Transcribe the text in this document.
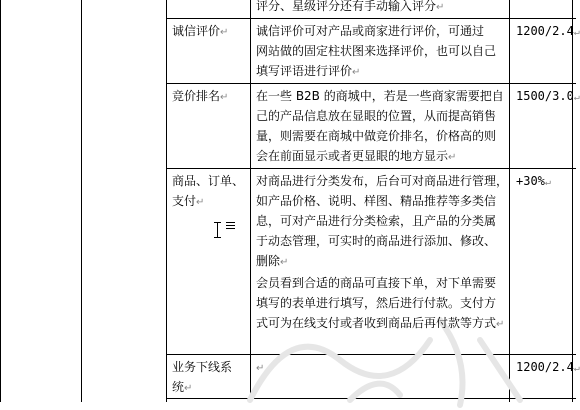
评分、星级评分还有手动输入评分↵
诚信评价↵ 诚信评价可对产品或商家进行评价，可通过
网站做的固定柱状图来选择评价，也可以自己
填写评语进行评价↵
1200/2.4↵
竞价排名↵ 在一些 B2B 的商城中，若是一些商家需要把自
己的产品信息放在显眼的位置，从而提高销售
量，则需要在商城中做竞价排名，价格高的则
会在前面显示或者更显眼的地方显示↵
1500/3.0↵
商品、订单、
支付↵
对商品进行分类发布，后台可对商品进行管理，
如产品价格、说明、样图、精品推荐等多类信
息，可对产品进行分类检索，且产品的分类属
于动态管理，可实时的商品进行添加、修改、
删除↵
会员看到合适的商品可直接下单，对下单需要
填写的表单进行填写，然后进行付款。支付方
式可为在线支付或者收到商品后再付款等方式↵
+30%↵
业务下线系
统↵
↵	1200/2.4↵
